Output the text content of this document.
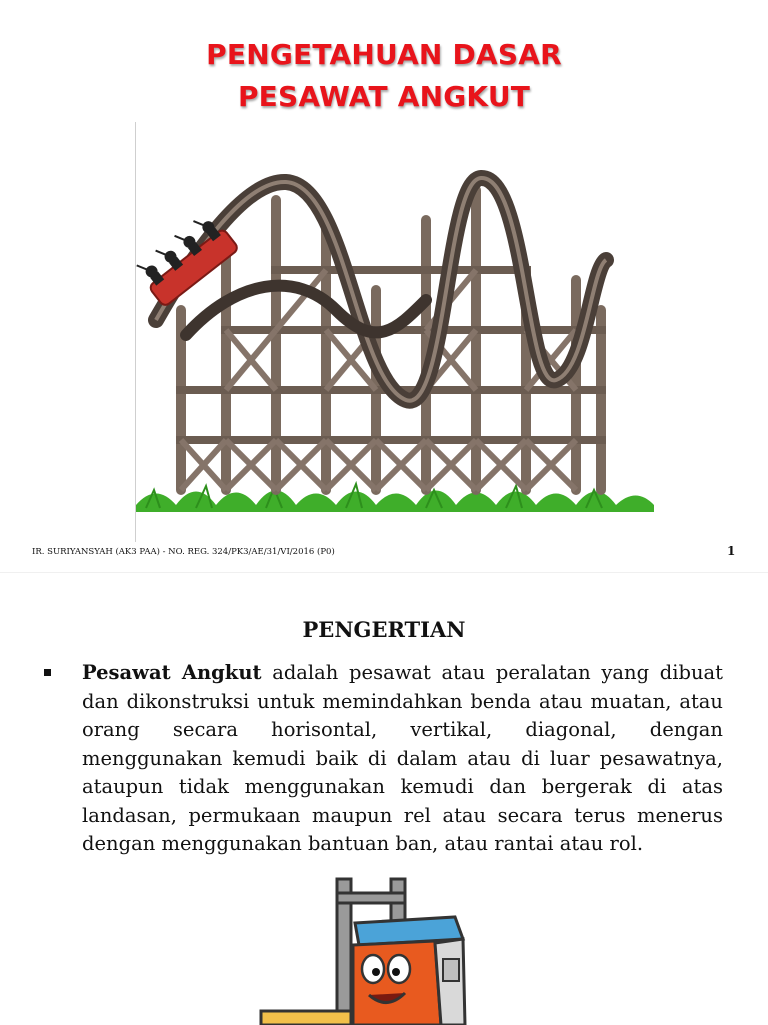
PENGETAHUAN DASAR
PESAWAT ANGKUT
IR. SURIYANSYAH (AK3 PAA) - NO. REG. 324/PK3/AE/31/VI/2016 (P0)	1
PENGERTIAN
Pesawat Angkut adalah pesawat atau peralatan yang dibuat dan dikonstruksi untuk memindahkan benda atau muatan, atau orang secara horisontal, vertikal, diagonal, dengan menggunakan kemudi baik di dalam atau di luar pesawatnya, ataupun tidak menggunakan kemudi dan bergerak di atas landasan, permukaan maupun rel atau secara terus menerus dengan menggunakan bantuan ban, atau rantai atau rol.
